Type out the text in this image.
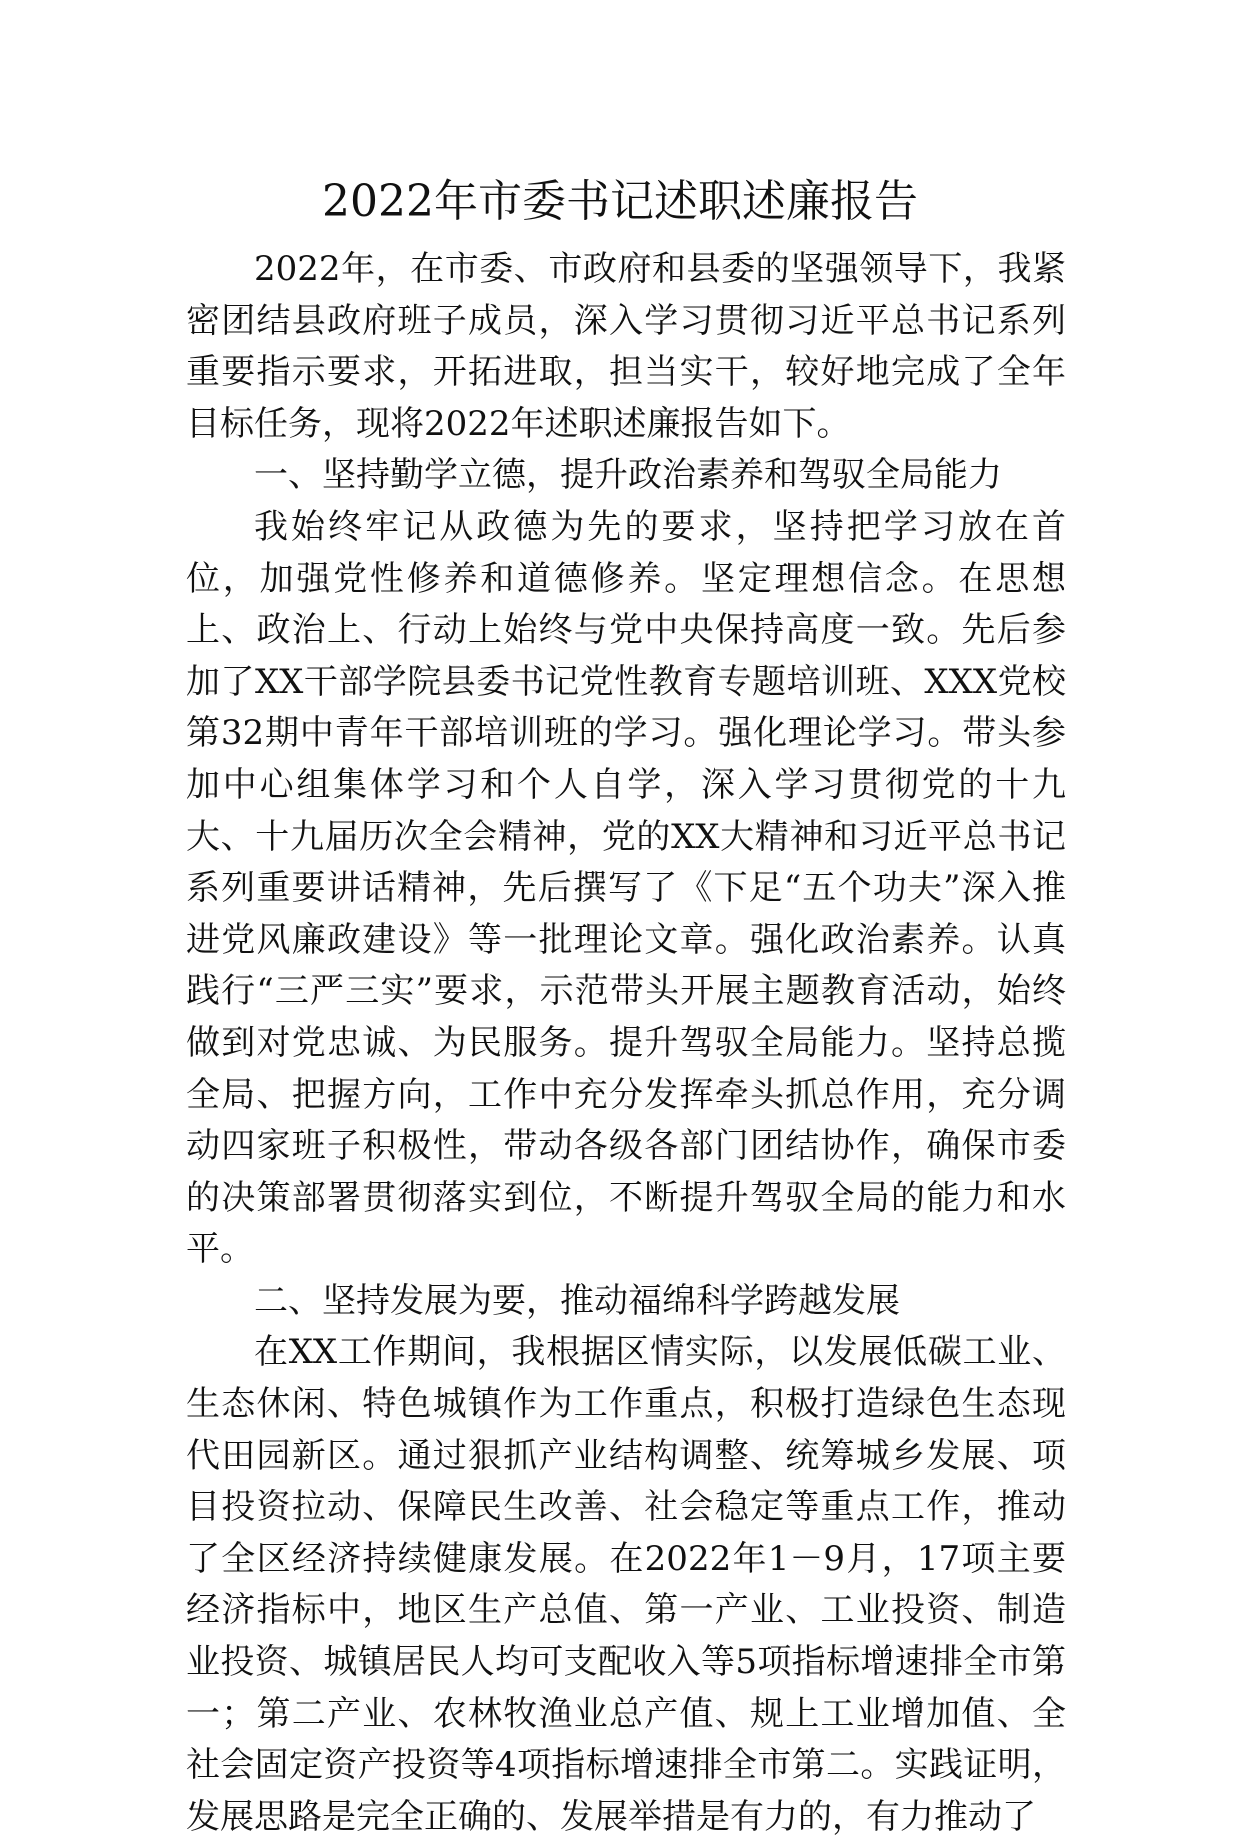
2022年市委书记述职述廉报告

2022年，在市委、市政府和县委的坚强领导下，我紧密团结县政府班子成员，深入学习贯彻习近平总书记系列重要指示要求，开拓进取，担当实干，较好地完成了全年目标任务，现将2022年述职述廉报告如下。

一、坚持勤学立德，提升政治素养和驾驭全局能力

我始终牢记从政德为先的要求，坚持把学习放在首位，加强党性修养和道德修养。坚定理想信念。在思想上、政治上、行动上始终与党中央保持高度一致。先后参加了XX干部学院县委书记党性教育专题培训班、XXX党校第32期中青年干部培训班的学习。强化理论学习。带头参加中心组集体学习和个人自学，深入学习贯彻党的十九大、十九届历次全会精神，党的XX大精神和习近平总书记系列重要讲话精神，先后撰写了《下足“五个功夫”深入推进党风廉政建设》等一批理论文章。强化政治素养。认真践行“三严三实”要求，示范带头开展主题教育活动，始终做到对党忠诚、为民服务。提升驾驭全局能力。坚持总揽全局、把握方向，工作中充分发挥牵头抓总作用，充分调动四家班子积极性，带动各级各部门团结协作，确保市委的决策部署贯彻落实到位，不断提升驾驭全局的能力和水平。

二、坚持发展为要，推动福绵科学跨越发展

在XX工作期间，我根据区情实际，以发展低碳工业、生态休闲、特色城镇作为工作重点，积极打造绿色生态现代田园新区。通过狠抓产业结构调整、统筹城乡发展、项目投资拉动、保障民生改善、社会稳定等重点工作，推动了全区经济持续健康发展。在2022年1－9月，17项主要经济指标中，地区生产总值、第一产业、工业投资、制造业投资、城镇居民人均可支配收入等5项指标增速排全市第一；第二产业、农林牧渔业总产值、规上工业增加值、全社会固定资产投资等4项指标增速排全市第二。实践证明，发展思路是完全正确的、发展举措是有力的，有力推动了
